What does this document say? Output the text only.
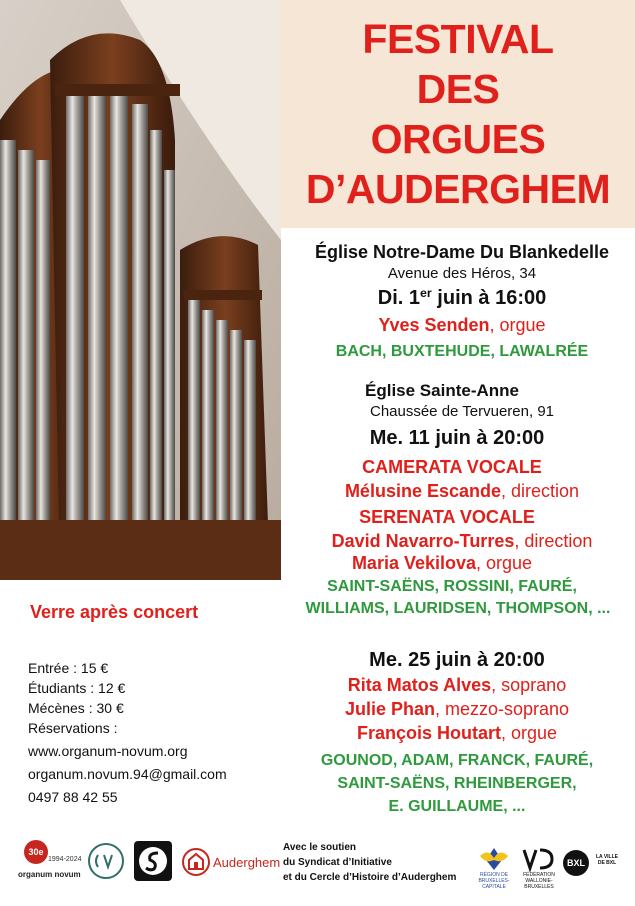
FESTIVAL
DES
ORGUES
D’AUDERGHEM
Église Notre-Dame Du Blankedelle
Avenue des Héros, 34
Di. 1er juin à 16:00
Yves Senden, orgue
BACH, BUXTEHUDE, LAWALRÉE
Église Sainte-Anne
Chaussée de Tervueren, 91
Me. 11 juin à 20:00
CAMERATA VOCALE
Mélusine Escande, direction
SERENATA VOCALE
David Navarro-Turres, direction
Maria Vekilova, orgue
SAINT-SAËNS, ROSSINI, FAURÉ,
WILLIAMS, LAURIDSEN, THOMPSON, ...
Verre après concert
Me. 25 juin à 20:00
Rita Matos Alves, soprano
Julie Phan, mezzo-soprano
François Houtart, orgue
GOUNOD, ADAM, FRANCK, FAURÉ,
SAINT-SAËNS, RHEINBERGER,
E. GUILLAUME, ...
Entrée : 15 €
Étudiants : 12 €
Mécènes : 30 €
Réservations :
www.organum-novum.org
organum.novum.94@gmail.com
0497 88 42 55
30e
1994-2024
organum novum
Auderghem
Avec le soutien
du Syndicat d’Initiative
et du Cercle d’Histoire d’Auderghem	RÉGION DE BRUXELLES-CAPITALE
FÉDÉRATION WALLONIE-BRUXELLES
BXL
LA VILLE DE BXL
